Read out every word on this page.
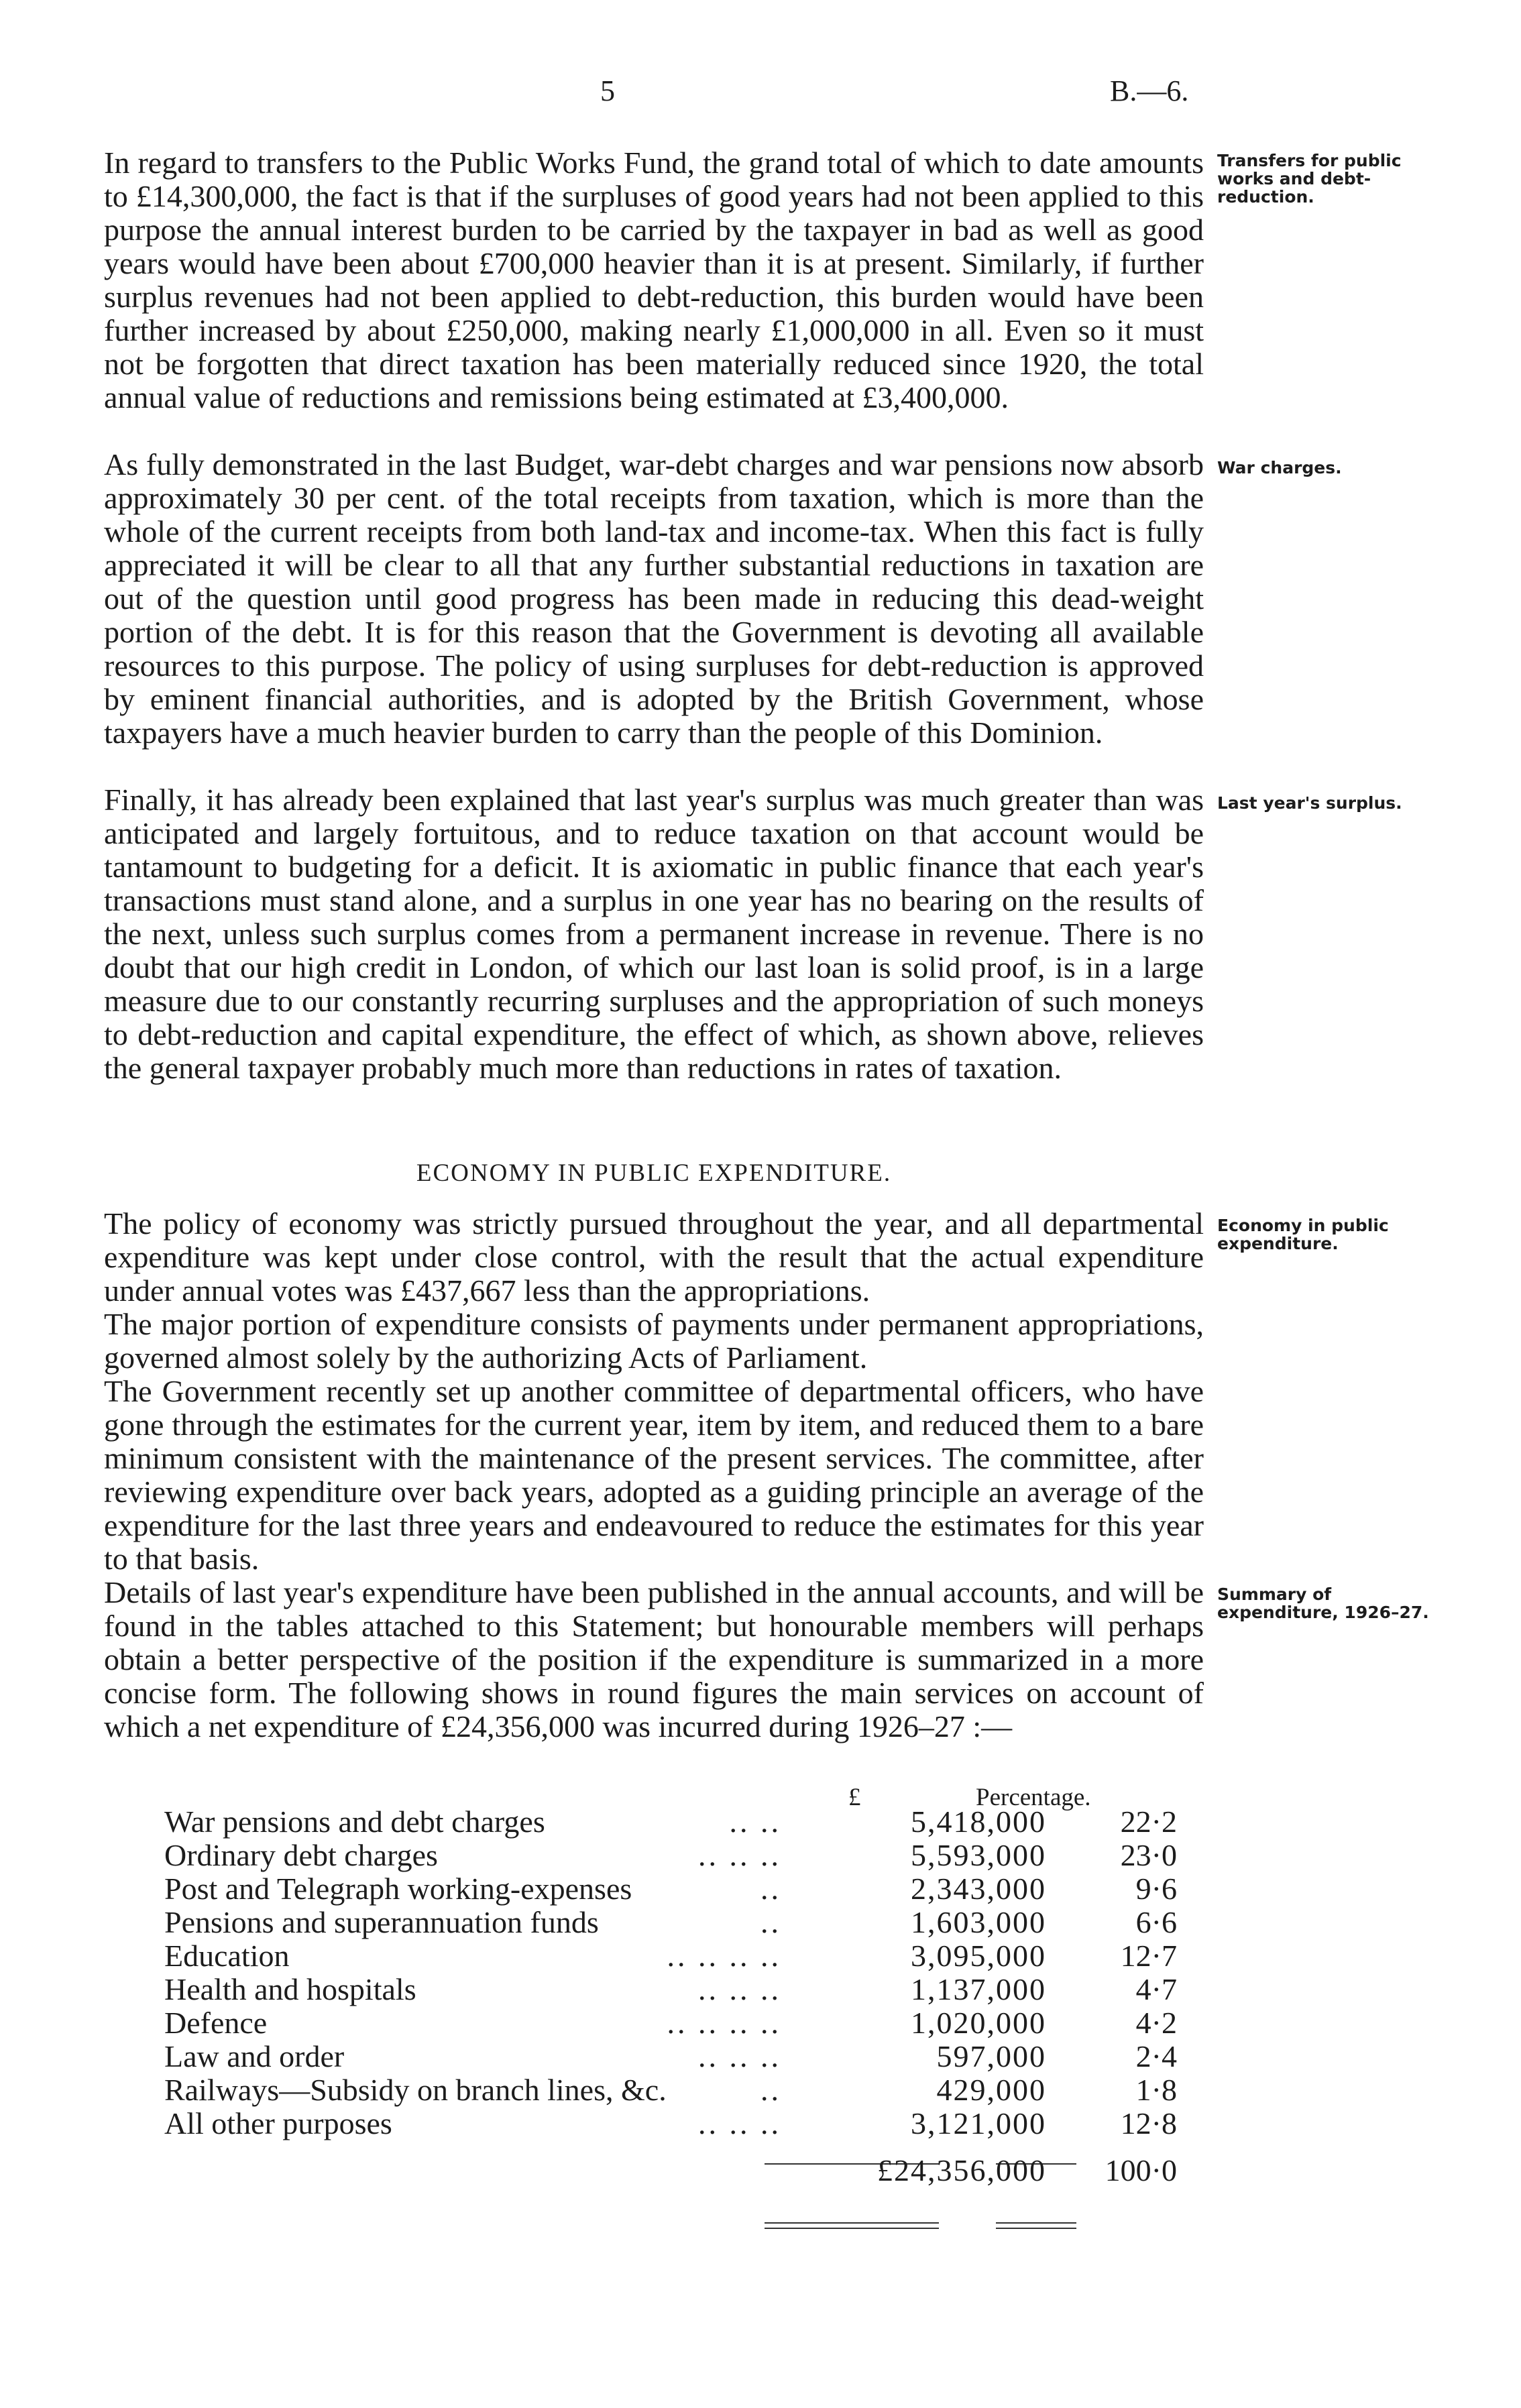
5	B.—6.

In regard to transfers to the Public Works Fund, the grand total of which to date amounts to £14,300,000, the fact is that if the surpluses of good years had not been applied to this purpose the annual interest burden to be carried by the taxpayer in bad as well as good years would have been about £700,000 heavier than it is at present. Similarly, if further surplus revenues had not been applied to debt-reduction, this burden would have been further increased by about £250,000, making nearly £1,000,000 in all. Even so it must not be forgotten that direct taxation has been materially reduced since 1920, the total annual value of reductions and remissions being estimated at £3,400,000.

Transfers for public works and debt-reduction.

As fully demonstrated in the last Budget, war-debt charges and war pensions now absorb approximately 30 per cent. of the total receipts from taxation, which is more than the whole of the current receipts from both land-tax and income-tax. When this fact is fully appreciated it will be clear to all that any further substantial reductions in taxation are out of the question until good progress has been made in reducing this dead-weight portion of the debt. It is for this reason that the Government is devoting all available resources to this purpose. The policy of using surpluses for debt-reduction is approved by eminent financial authorities, and is adopted by the British Government, whose taxpayers have a much heavier burden to carry than the people of this Dominion.

War charges.

Finally, it has already been explained that last year's surplus was much greater than was anticipated and largely fortuitous, and to reduce taxation on that account would be tantamount to budgeting for a deficit. It is axiomatic in public finance that each year's transactions must stand alone, and a surplus in one year has no bearing on the results of the next, unless such surplus comes from a permanent increase in revenue. There is no doubt that our high credit in London, of which our last loan is solid proof, is in a large measure due to our constantly recurring surpluses and the appropriation of such moneys to debt-reduction and capital expenditure, the effect of which, as shown above, relieves the general taxpayer probably much more than reductions in rates of taxation.

Last year's surplus.
ECONOMY IN PUBLIC EXPENDITURE.

The policy of economy was strictly pursued throughout the year, and all departmental expenditure was kept under close control, with the result that the actual expenditure under annual votes was £437,667 less than the appropriations.

The major portion of expenditure consists of payments under permanent appropriations, governed almost solely by the authorizing Acts of Parliament.

The Government recently set up another committee of departmental officers, who have gone through the estimates for the current year, item by item, and reduced them to a bare minimum consistent with the maintenance of the present services. The committee, after reviewing expenditure over back years, adopted as a guiding principle an average of the expenditure for the last three years and endeavoured to reduce the estimates for this year to that basis.

Economy in public expenditure.

Details of last year's expenditure have been published in the annual accounts, and will be found in the tables attached to this Statement; but honourable members will perhaps obtain a better perspective of the position if the expenditure is summarized in a more concise form. The following shows in round figures the main services on account of which a net expenditure of £24,356,000 was incurred during 1926–27 :—

Summary of expenditure, 1926–27.
£	Percentage.
War pensions and debt charges	.. ..	5,418,000	22·2
Ordinary debt charges	.. .. ..	5,593,000	23·0
Post and Telegraph working-expenses	..	2,343,000	9·6
Pensions and superannuation funds	..	1,603,000	6·6
Education	.. .. .. ..	3,095,000	12·7
Health and hospitals	.. .. ..	1,137,000	4·7
Defence	.. .. .. ..	1,020,000	4·2
Law and order	.. .. ..	597,000	2·4
Railways—Subsidy on branch lines, &c.	..	429,000	1·8
All other purposes	.. .. ..	3,121,000	12·8
£24,356,000	100·0
